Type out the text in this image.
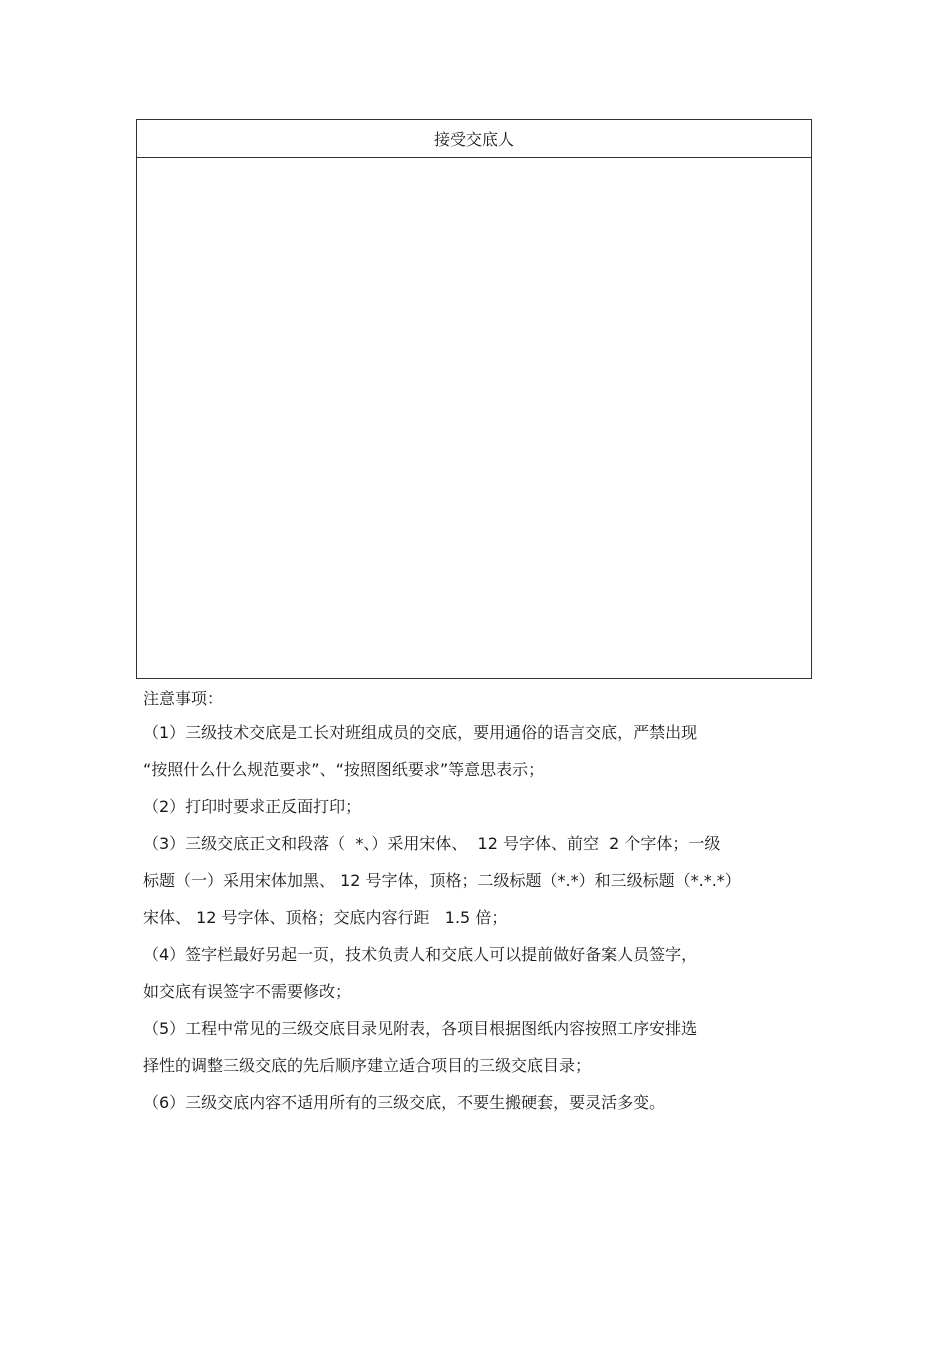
接受交底人
注意事项：
（1）三级技术交底是工长对班组成员的交底，要用通俗的语言交底，严禁出现
“按照什么什么规范要求”、“按照图纸要求”等意思表示；
（2）打印时要求正反面打印；
（3）三级交底正文和段落（  *、）采用宋体、  12 号字体、前空  2 个字体；一级
标题（一）采用宋体加黑、 12 号字体，顶格；二级标题（*.*）和三级标题（*.*.*）
宋体、 12 号字体、顶格；交底内容行距   1.5 倍；
（4）签字栏最好另起一页，技术负责人和交底人可以提前做好备案人员签字，
如交底有误签字不需要修改；
（5）工程中常见的三级交底目录见附表，各项目根据图纸内容按照工序安排选
择性的调整三级交底的先后顺序建立适合项目的三级交底目录；
（6）三级交底内容不适用所有的三级交底，不要生搬硬套，要灵活多变。
